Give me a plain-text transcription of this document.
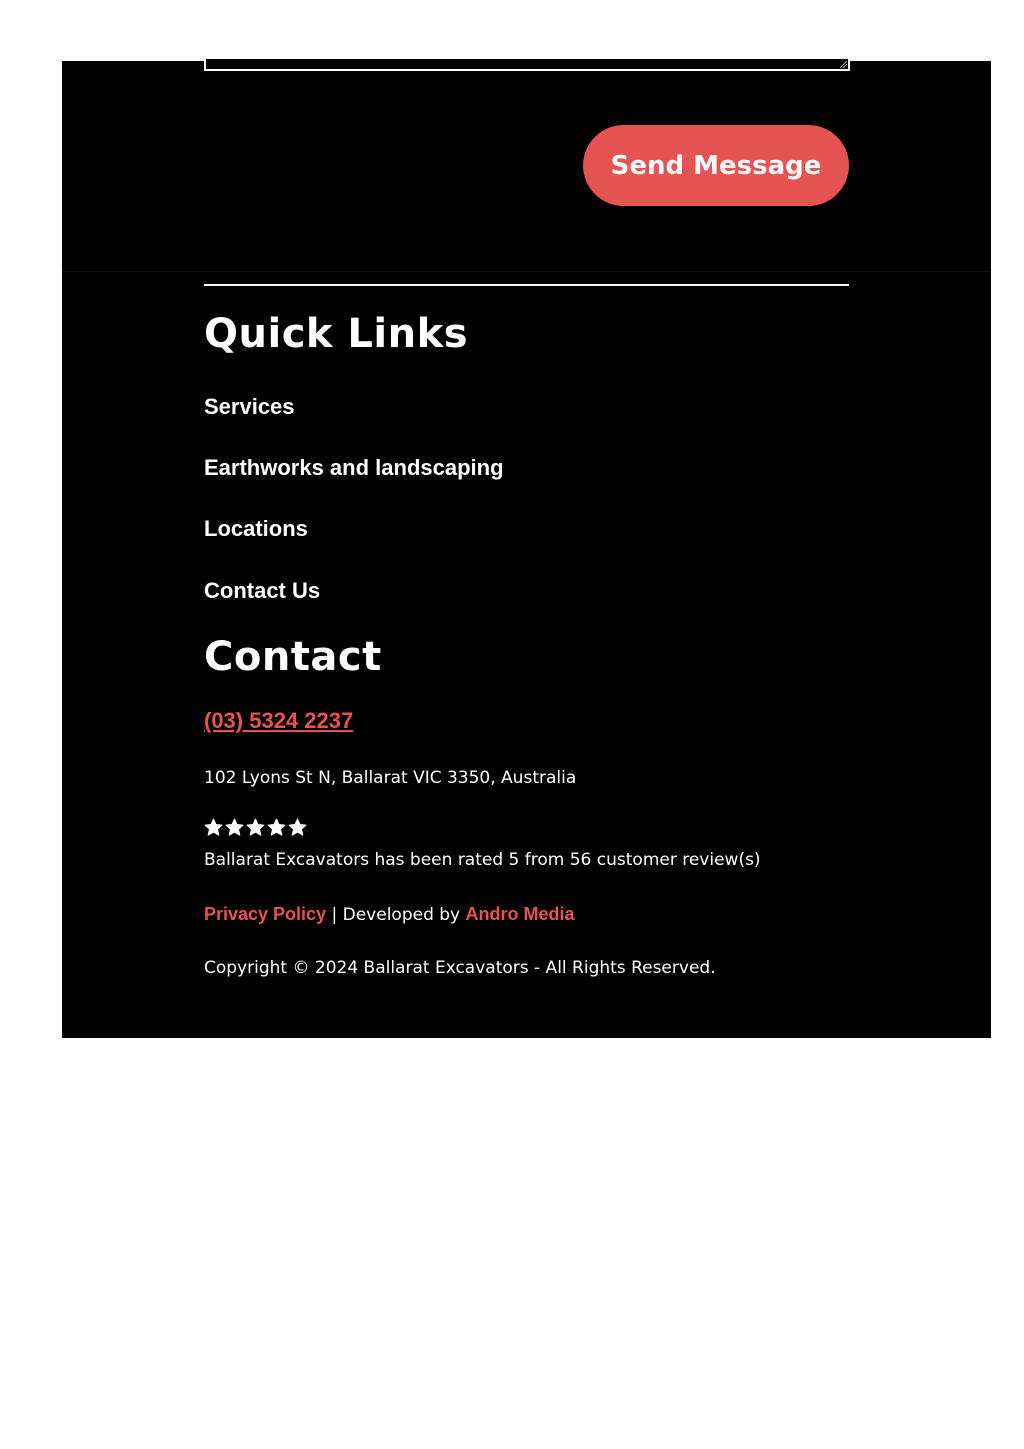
Send Message
Quick Links
Services
Earthworks and landscaping
Locations
Contact Us
Contact
(03) 5324 2237
102 Lyons St N, Ballarat VIC 3350, Australia
Ballarat Excavators has been rated 5 from 56 customer review(s)
Privacy Policy | Developed by Andro Media
Copyright © 2024 Ballarat Excavators - All Rights Reserved.
